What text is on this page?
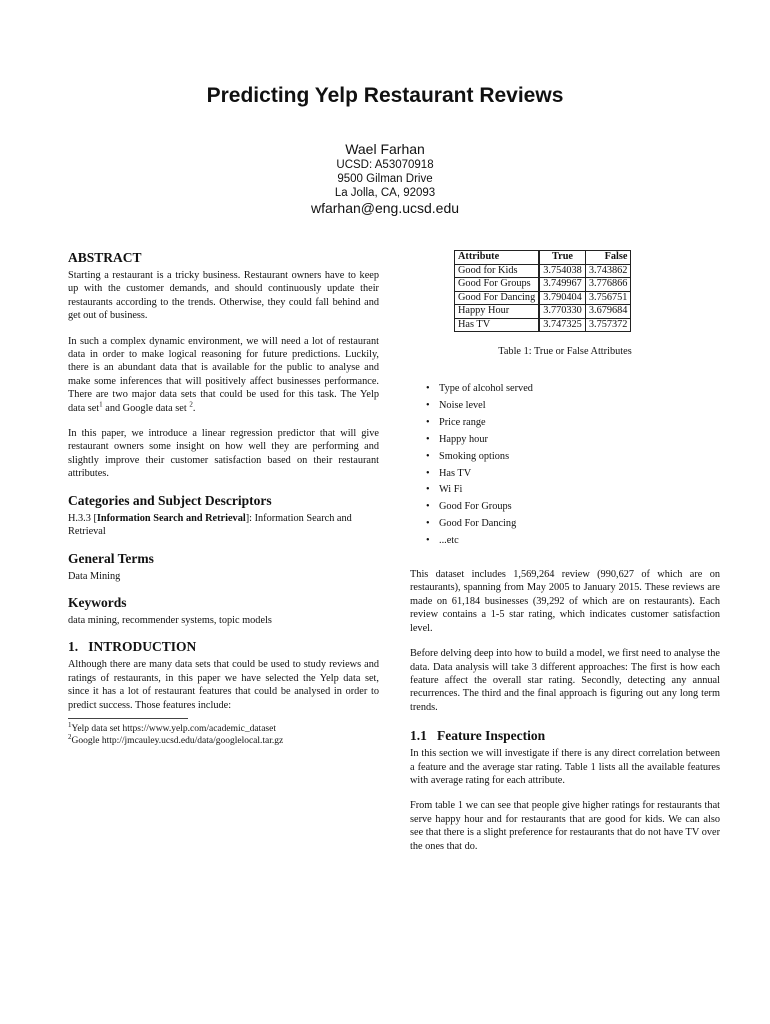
Predicting Yelp Restaurant Reviews
Wael Farhan
UCSD: A53070918
9500 Gilman Drive
La Jolla, CA, 92093
wfarhan@eng.ucsd.edu
ABSTRACT

Starting a restaurant is a tricky business. Restaurant owners have to keep up with the customer demands, and should continuously update their restaurants according to the trends. Otherwise, they could fall behind and get out of business.

In such a complex dynamic environment, we will need a lot of restaurant data in order to make logical reasoning for future predictions. Luckily, there is an abundant data that is available for the public to analyse and make some inferences that will positively affect businesses performance. There are two major data sets that could be used for this task. The Yelp data set$^1$ and Google data set $^2$.

In this paper, we introduce a linear regression predictor that will give restaurant owners some insight on how well they are performing and slightly improve their customer satisfaction based on their restaurant attributes.

Categories and Subject Descriptors

H.3.3 [Information Search and Retrieval]: Information Search and Retrieval

General Terms

Data Mining

Keywords

data mining, recommender systems, topic models

1.   INTRODUCTION

Although there are many data sets that could be used to study reviews and ratings of restaurants, in this paper we have selected the Yelp data set, since it has a lot of restaurant features that could be analysed in order to predict success. Those features include:

$^1$Yelp data set https://www.yelp.com/academic_dataset
$^2$Google http://jmcauley.ucsd.edu/data/googlelocal.tar.gz
Attribute	True	False
Good for Kids	3.754038	3.743862
Good For Groups	3.749967	3.776866
Good For Dancing	3.790404	3.756751
Happy Hour	3.770330	3.679684
Has TV	3.747325	3.757372
Table 1: True or False Attributes
• Type of alcohol served
• Noise level
• Price range
• Happy hour
• Smoking options
• Has TV
• Wi Fi
• Good For Groups
• Good For Dancing
• ...etc

This dataset includes 1,569,264 review (990,627 of which are on restaurants), spanning from May 2005 to January 2015. These reviews are made on 61,184 businesses (39,292 of which are on restaurants). Each review contains a 1-5 star rating, which indicates customer satisfaction level.

Before delving deep into how to build a model, we first need to analyse the data. Data analysis will take 3 different approaches: The first is how each feature affect the overall star rating. Secondly, detecting any annual recurrences. The third and the final approach is figuring out any long term trends.

1.1   Feature Inspection

In this section we will investigate if there is any direct correlation between a feature and the average star rating. Table 1 lists all the available features with average rating for each attribute.

From table 1 we can see that people give higher ratings for restaurants that serve happy hour and for restaurants that are good for kids. We can also see that there is a slight preference for restaurants that do not have TV over the ones that do.
